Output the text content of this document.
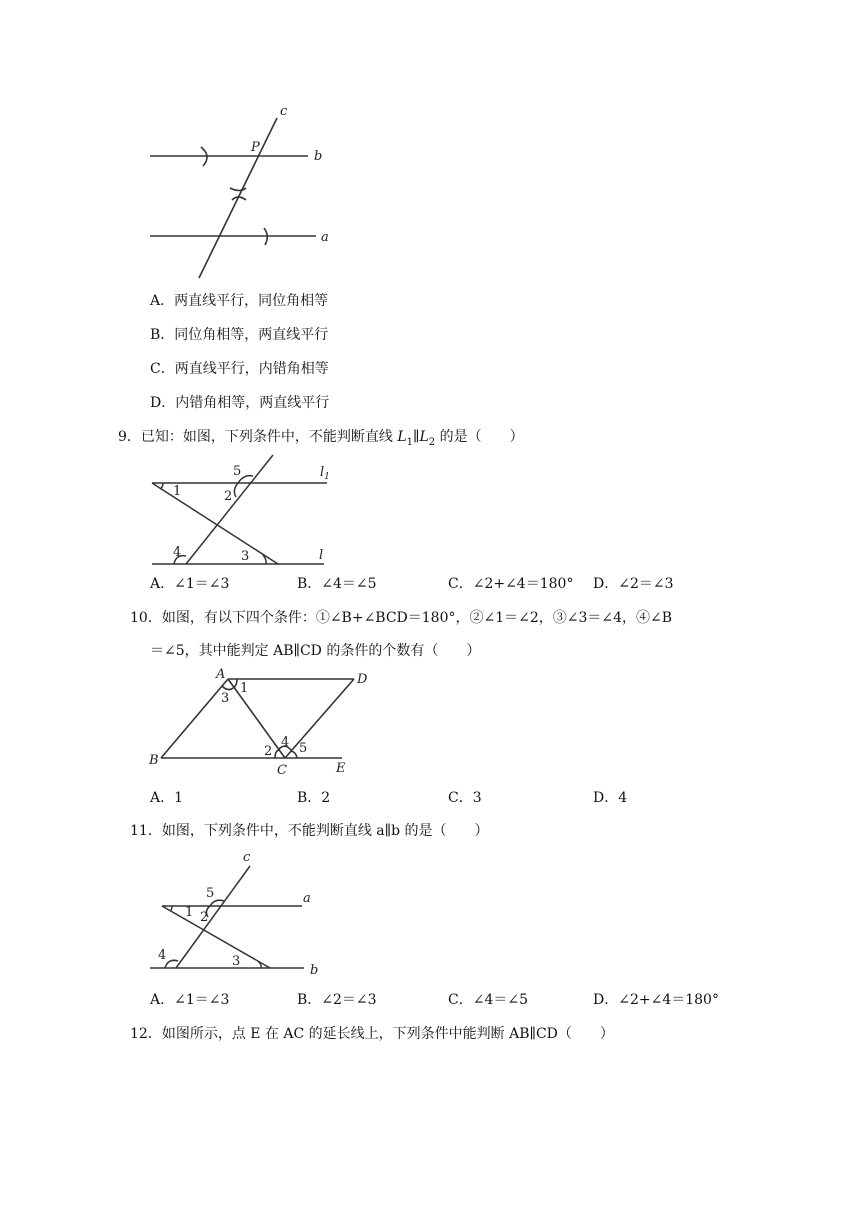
c
P
b
a
A．两直线平行，同位角相等
B．同位角相等，两直线平行
C．两直线平行，内错角相等
D．内错角相等，两直线平行
9．已知：如图，下列条件中，不能判断直线 $L_1\parallel L_2$ 的是（　　）
5
1	2
4	3
$l_1$
l
A．∠1＝∠3	B．∠4＝∠5	C．∠2+∠4＝180° D．∠2＝∠3
10．如图，有以下四个条件：①∠B+∠BCD＝180°，②∠1＝∠2，③∠3＝∠4，④∠B
＝∠5，其中能判定 AB∥CD 的条件的个数有（　　）
A	D
B
C	E
1
3
2
4 5
A．1	B．2	C．3	D．4
11．如图，下列条件中，不能判断直线 a∥b 的是（　　）
c
5	a
1 2
4	3
b
A．∠1＝∠3	B．∠2＝∠3	C．∠4＝∠5	D．∠2+∠4＝180°
12．如图所示，点 E 在 AC 的延长线上，下列条件中能判断 AB∥CD（　　）
